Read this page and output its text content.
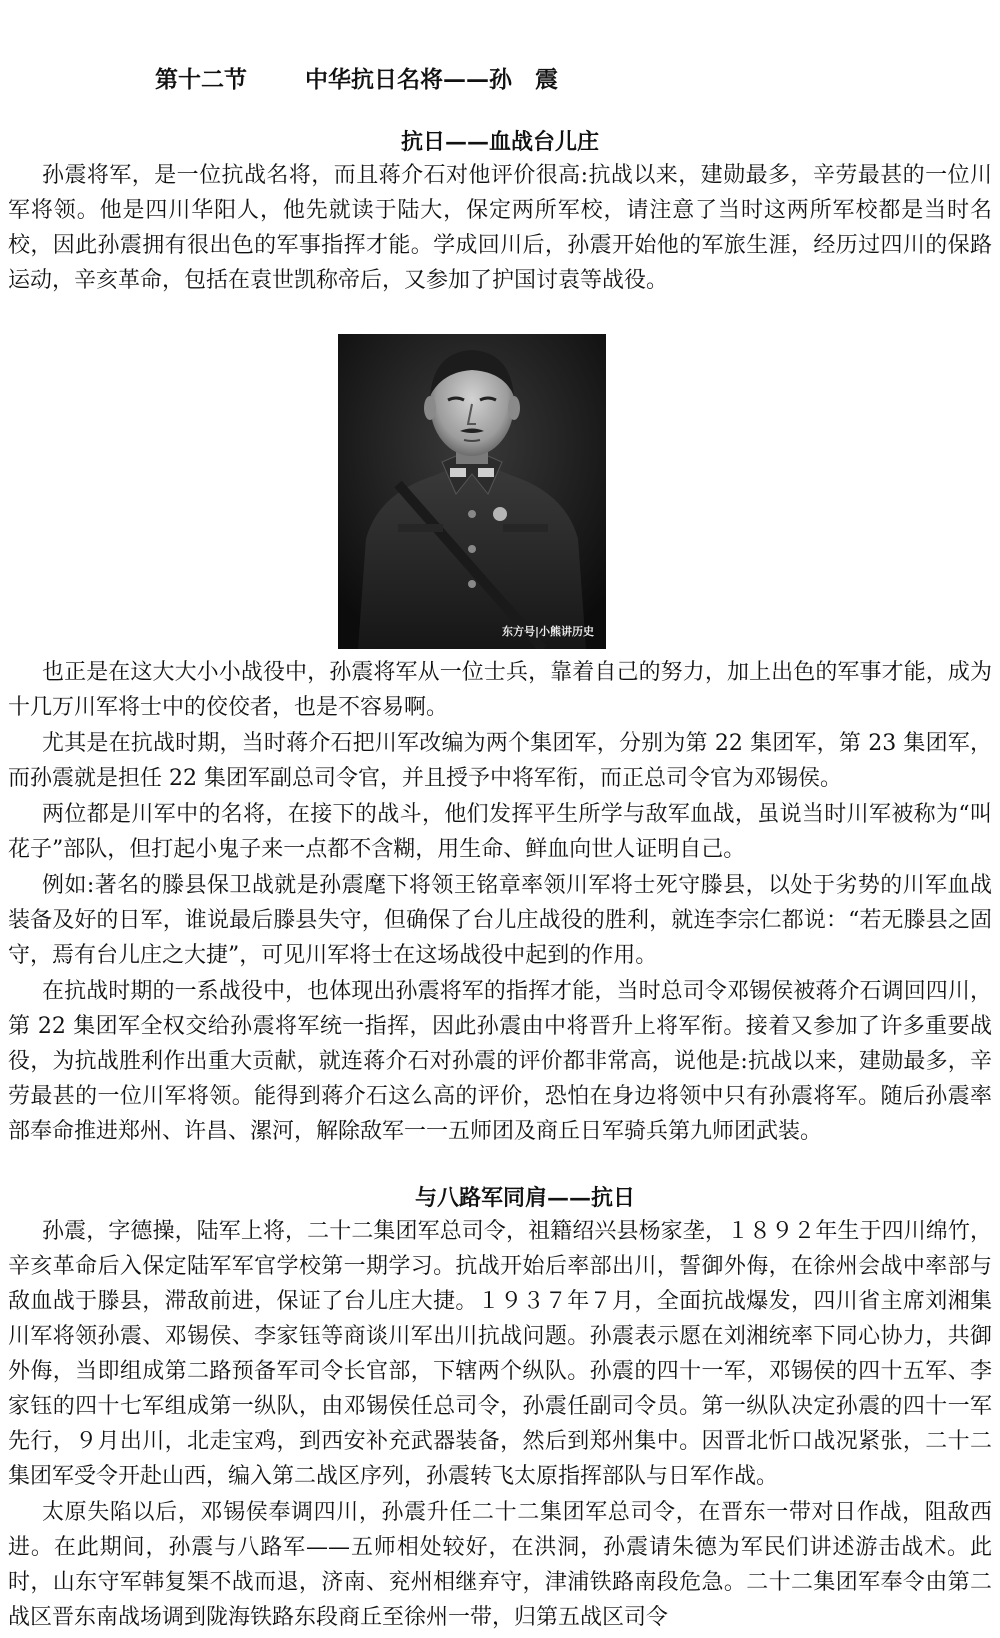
第十二节	中华抗日名将——孙　震
抗日——血战台儿庄

孙震将军，是一位抗战名将，而且蒋介石对他评价很高:抗战以来，建勋最多，辛劳最甚的一位川军将领。他是四川华阳人，他先就读于陆大，保定两所军校，请注意了当时这两所军校都是当时名校，因此孙震拥有很出色的军事指挥才能。学成回川后，孙震开始他的军旅生涯，经历过四川的保路运动，辛亥革命，包括在袁世凯称帝后，又参加了护国讨袁等战役。

东方号|小熊讲历史

也正是在这大大小小战役中，孙震将军从一位士兵，靠着自己的努力，加上出色的军事才能，成为十几万川军将士中的佼佼者，也是不容易啊。

尤其是在抗战时期，当时蒋介石把川军改编为两个集团军，分别为第 22 集团军，第 23 集团军，而孙震就是担任 22 集团军副总司令官，并且授予中将军衔，而正总司令官为邓锡侯。

两位都是川军中的名将，在接下的战斗，他们发挥平生所学与敌军血战，虽说当时川军被称为“叫花子”部队，但打起小鬼子来一点都不含糊，用生命、鲜血向世人证明自己。

例如:著名的滕县保卫战就是孙震麾下将领王铭章率领川军将士死守滕县，以处于劣势的川军血战装备及好的日军，谁说最后滕县失守，但确保了台儿庄战役的胜利，就连李宗仁都说：“若无滕县之固守，焉有台儿庄之大捷”，可见川军将士在这场战役中起到的作用。

在抗战时期的一系战役中，也体现出孙震将军的指挥才能，当时总司令邓锡侯被蒋介石调回四川，第 22 集团军全权交给孙震将军统一指挥，因此孙震由中将晋升上将军衔。接着又参加了许多重要战役，为抗战胜利作出重大贡献，就连蒋介石对孙震的评价都非常高，说他是:抗战以来，建勋最多，辛劳最甚的一位川军将领。能得到蒋介石这么高的评价，恐怕在身边将领中只有孙震将军。随后孙震率部奉命推进郑州、许昌、漯河，解除敌军一一五师团及商丘日军骑兵第九师团武装。

与八路军同肩——抗日

孙震，字德操，陆军上将，二十二集团军总司令，祖籍绍兴县杨家垄，１８９２年生于四川绵竹，辛亥革命后入保定陆军军官学校第一期学习。抗战开始后率部出川，誓御外侮，在徐州会战中率部与敌血战于滕县，滞敌前进，保证了台儿庄大捷。１９３７年７月，全面抗战爆发，四川省主席刘湘集川军将领孙震、邓锡侯、李家钰等商谈川军出川抗战问题。孙震表示愿在刘湘统率下同心协力，共御外侮，当即组成第二路预备军司令长官部，下辖两个纵队。孙震的四十一军，邓锡侯的四十五军、李家钰的四十七军组成第一纵队，由邓锡侯任总司令，孙震任副司令员。第一纵队决定孙震的四十一军先行，９月出川，北走宝鸡，到西安补充武器装备，然后到郑州集中。因晋北忻口战况紧张，二十二集团军受令开赴山西，编入第二战区序列，孙震转飞太原指挥部队与日军作战。

太原失陷以后，邓锡侯奉调四川，孙震升任二十二集团军总司令，在晋东一带对日作战，阻敌西进。在此期间，孙震与八路军——五师相处较好，在洪洞，孙震请朱德为军民们讲述游击战术。此时，山东守军韩复榘不战而退，济南、兖州相继弃守，津浦铁路南段危急。二十二集团军奉令由第二战区晋东南战场调到陇海铁路东段商丘至徐州一带，归第五战区司令
